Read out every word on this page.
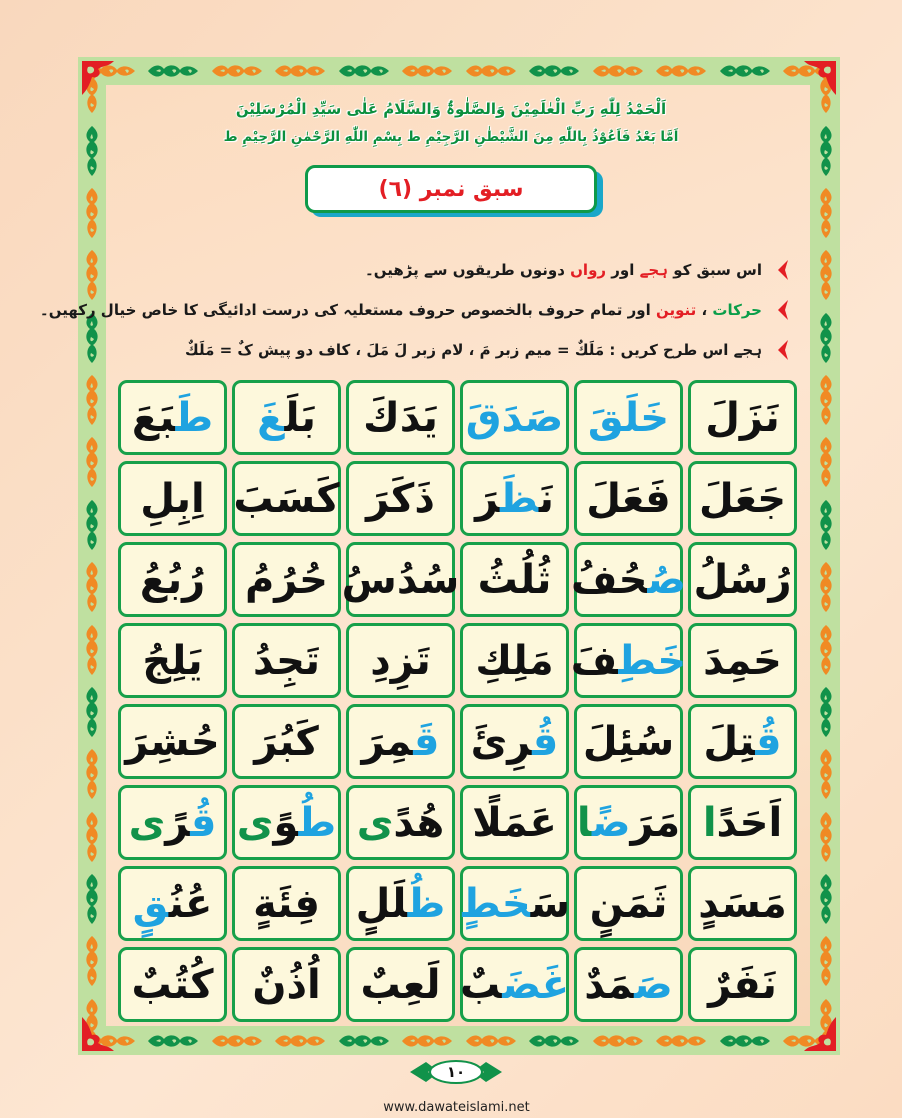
اَلْحَمْدُ لِلّٰهِ رَبِّ الْعٰلَمِیْنَ وَالصَّلٰوۃُ وَالسَّلَامُ عَلٰی سَیِّدِ الْمُرْسَلِیْنَ
اَمَّا بَعْدُ فَاَعُوْذُ بِاللّٰهِ مِنَ الشَّیْطٰنِ الرَّجِیْمِ ط بِسْمِ اللّٰهِ الرَّحْمٰنِ الرَّحِیْمِ ط
سبق نمبر (٦)
اس سبق کو ہجے اور رواں دونوں طریقوں سے پڑھیں۔
حرکات ، تنوین اور تمام حروف بالخصوص حروف مستعلیہ کی درست ادائیگی کا خاص خیال رکھیں۔
ہجے اس طرح کریں : مَلَكٌ = میم زبر مَ ، لام زبر لَ مَلَ ، کاف دو پیش کٌ = مَلَكٌ
نَزَلَ
خَلَقَ
صَدَقَ
يَدَكَ
بَلَغَ
طَبَعَ
جَعَلَ
فَعَلَ
نَظَرَ
ذَكَرَ
كَسَبَ
اِبِلِ
رُسُلُ
صُحُفُ
ثُلُثُ
سُدُسُ
حُرُمُ
رُبُعُ
حَمِدَ
خَطِفَ
مَلِكِ
تَزِدِ
تَجِدُ
يَلِجُ
قُتِلَ
سُئِلَ
قُرِئَ
قَمِرَ
كَبُرَ
حُشِرَ
اَحَدًا
مَرَضًا
عَمَلً
هُدًى
طُوًى
قُرًى
مَسَدٍ
ثَمَنٍ
سَخَطٍ
ظُلَلٍ
فِئَةٍ
عُنُقٍ
نَفَرٌ
صَمَدٌ
غَضَبٌ
لَعِبٌ
اُذُنٌ
كُتُبٌ
١٠
www.dawateislami.net
